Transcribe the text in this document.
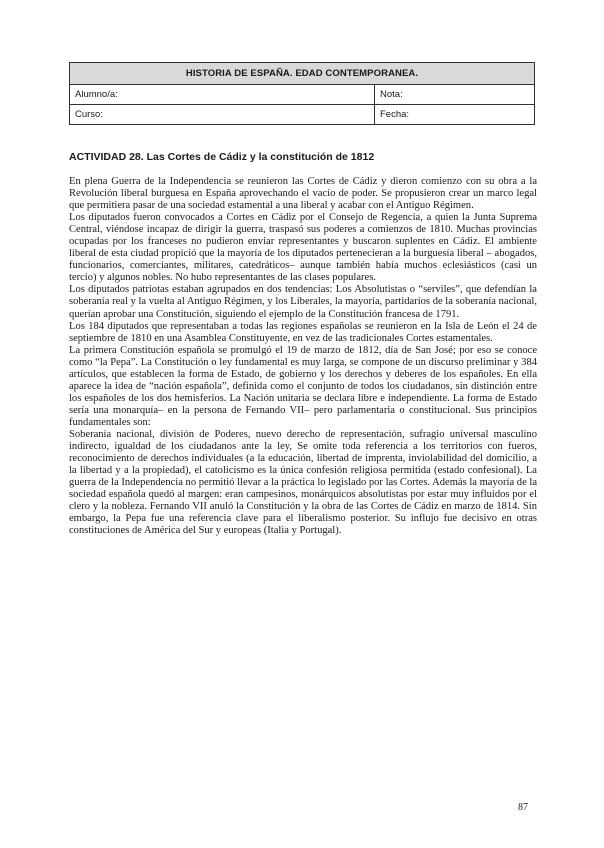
HISTORIA DE ESPAÑA. EDAD CONTEMPORANEA.	
Alumno/a:	Nota:
Curso:	Fecha:
ACTIVIDAD 28. Las Cortes de Cádiz y la constitución de 1812

En plena Guerra de la Independencia se reunieron las Cortes de Cádiz y dieron comienzo con su obra a la Revolución liberal burguesa en España aprovechando el vacío de poder. Se propusieron crear un marco legal que permitiera pasar de una sociedad estamental a una liberal y acabar con el Antiguo Régimen.

Los diputados fueron convocados a Cortes en Cádiz por el Consejo de Regencia, a quien la Junta Suprema Central, viéndose incapaz de dirigir la guerra, traspasó sus poderes a comienzos de 1810. Muchas provincias ocupadas por los franceses no pudieron enviar representantes y buscaron suplentes en Cádiz. El ambiente liberal de esta ciudad propició que la mayoría de los diputados pertenecieran a la burguesía liberal – abogados, funcionarios, comerciantes, militares, catedráticos– aunque también había muchos eclesiásticos (casi un tercio) y algunos nobles. No hubo representantes de las clases populares.

Los diputados patriotas estaban agrupados en dos tendencias: Los Absolutistas o “serviles”, que defendían la soberanía real y la vuelta al Antiguo Régimen, y los Liberales, la mayoría, partidarios de la soberanía nacional, querían aprobar una Constitución, siguiendo el ejemplo de la Constitución francesa de 1791.

Los 184 diputados que representaban a todas las regiones españolas se reunieron en la Isla de León el 24 de septiembre de 1810 en una Asamblea Constituyente, en vez de las tradicionales Cortes estamentales.

La primera Constitución española se promulgó el 19 de marzo de 1812, día de San José; por eso se conoce como “la Pepa”. La Constitución o ley fundamental es muy larga, se compone de un discurso preliminar y 384 artículos, que establecen la forma de Estado, de gobierno y los derechos y deberes de los españoles. En ella aparece la idea de “nación española”, definida como el conjunto de todos los ciudadanos, sin distinción entre los españoles de los dos hemisferios. La Nación unitaria se declara libre e independiente. La forma de Estado sería una monarquía– en la persona de Fernando VII– pero parlamentaria o constitucional. Sus principios fundamentales son:

Soberanía nacional, división de Poderes, nuevo derecho de representación, sufragio universal masculino indirecto, igualdad de los ciudadanos ante la ley, Se omite toda referencia a los territorios con fueros, reconocimiento de derechos individuales (a la educación, libertad de imprenta, inviolabilidad del domicilio, a la libertad y a la propiedad), el catolicismo es la única confesión religiosa permitida (estado confesional). La guerra de la Independencia no permitió llevar a la práctica lo legislado por las Cortes. Además la mayoría de la sociedad española quedó al margen: eran campesinos, monárquicos absolutistas por estar muy influidos por el clero y la nobleza. Fernando VII anuló la Constitución y la obra de las Cortes de Cádiz en marzo de 1814. Sin embargo, la Pepa fue una referencia clave para el liberalismo posterior. Su influjo fue decisivo en otras constituciones de América del Sur y europeas (Italia y Portugal).

87
